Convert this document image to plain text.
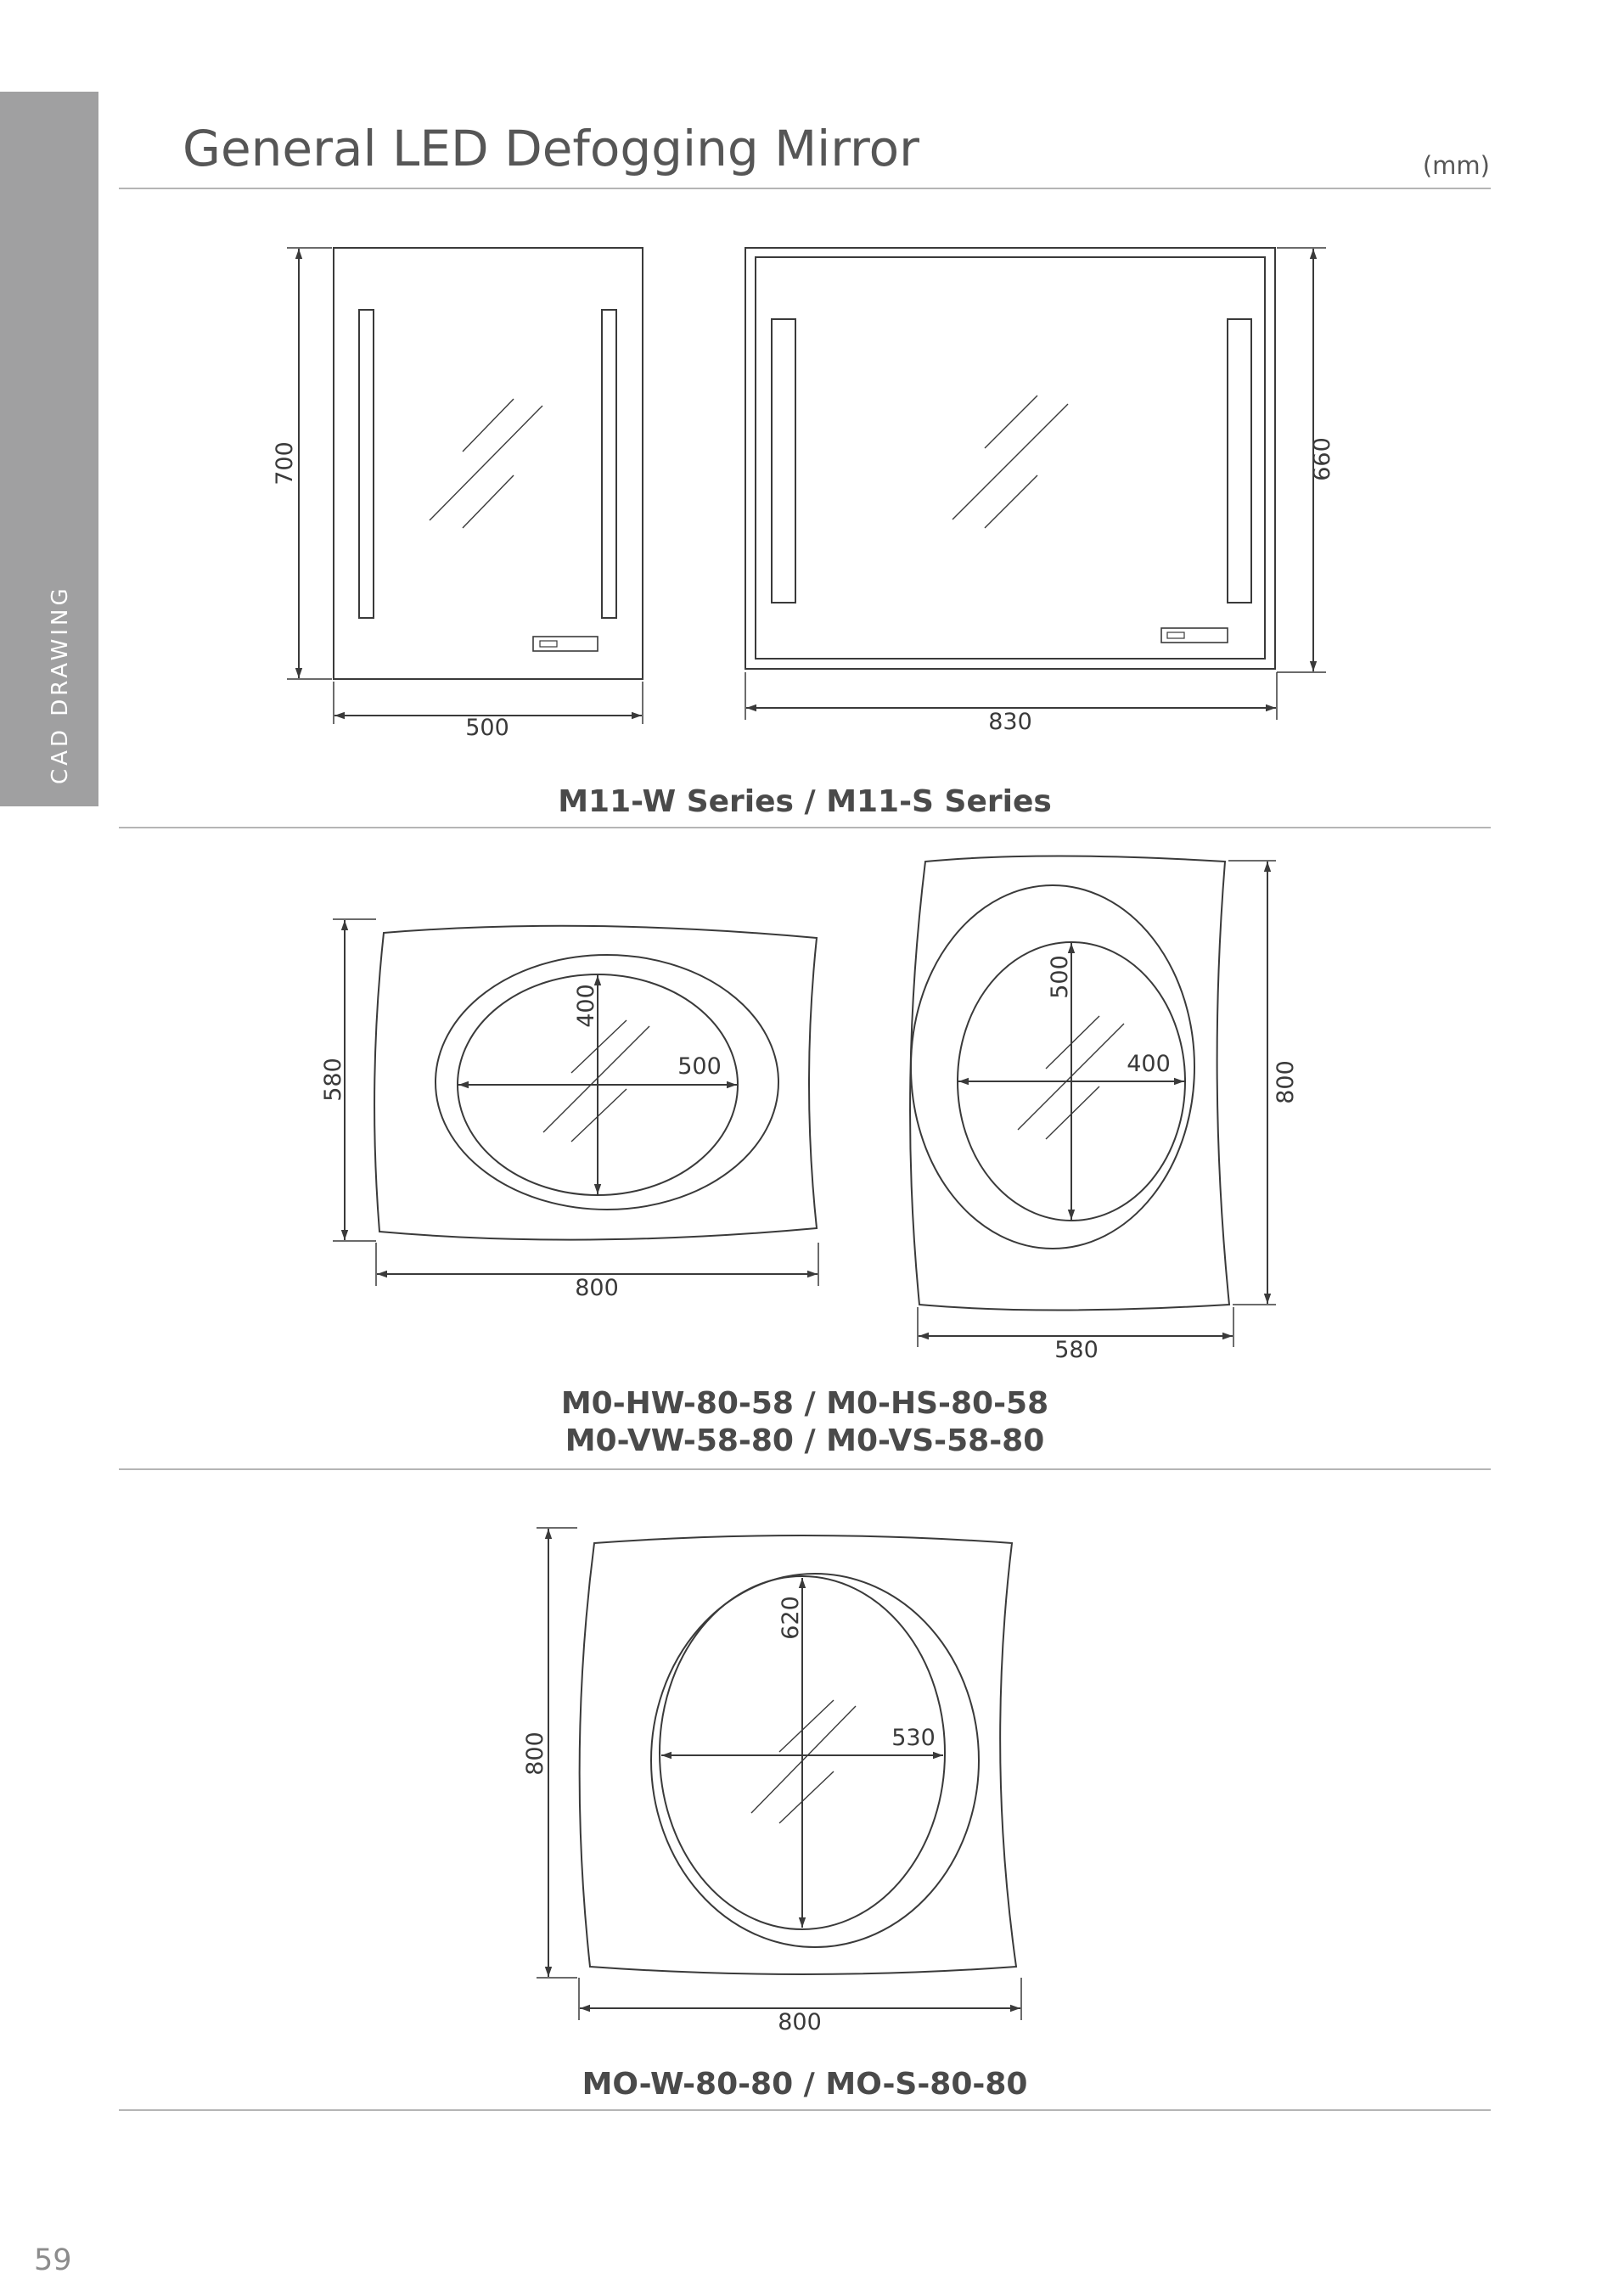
CAD DRAWING
General LED Defogging Mirror	(mm)
700
500
660
830
580
800
400
500	800
580
500
400
800
800
620
530
M11-W Series / M11-S Series
M0-HW-80-58 / M0-HS-80-58
M0-VW-58-80 / M0-VS-58-80
MO-W-80-80 / MO-S-80-80
59
